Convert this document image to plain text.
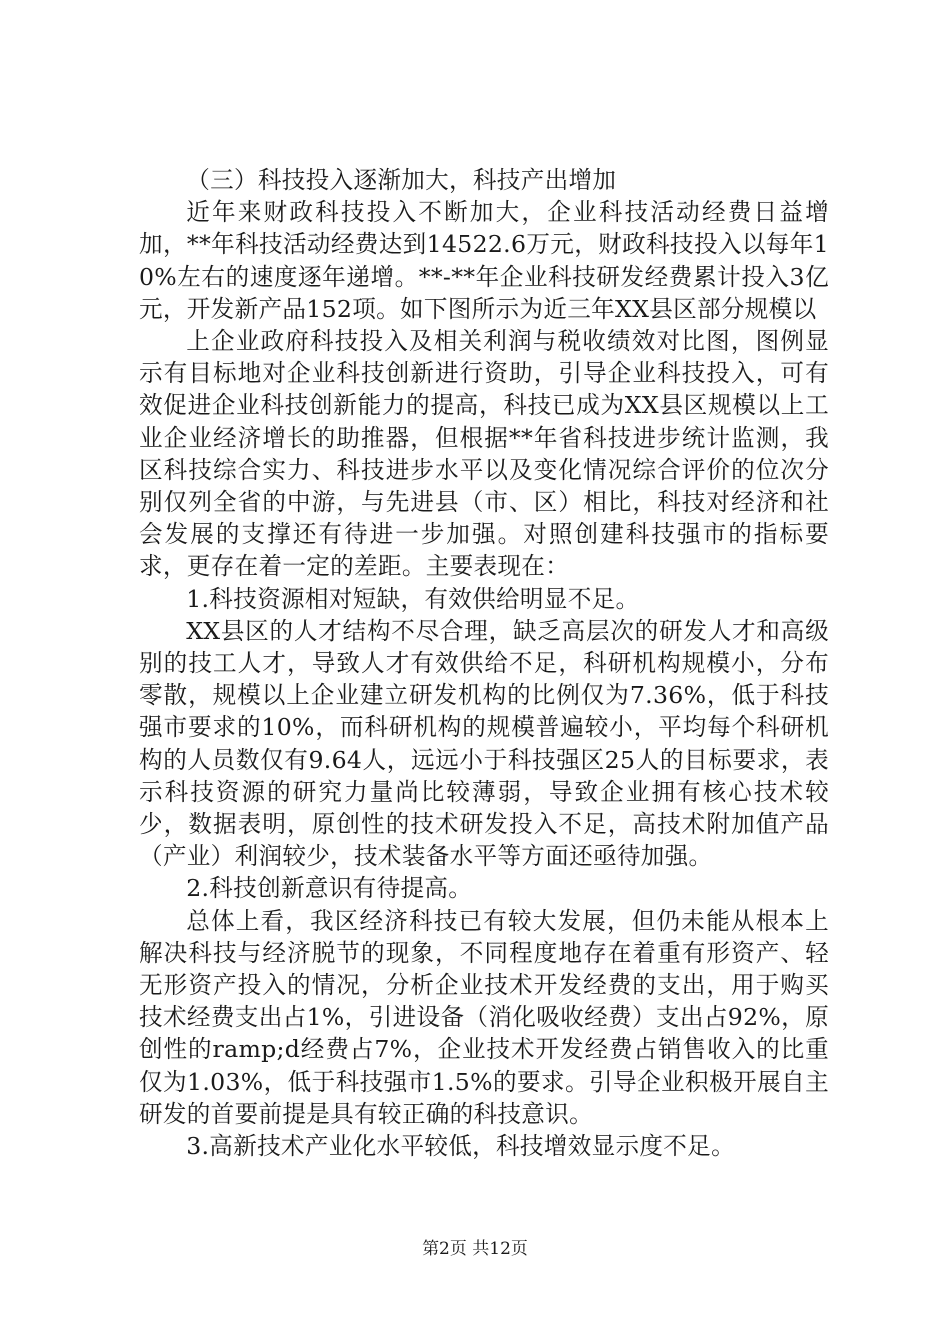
（三）科技投入逐渐加大，科技产出增加

近年来财政科技投入不断加大，企业科技活动经费日益增加，**年科技活动经费达到14522.6万元，财政科技投入以每年10%左右的速度逐年递增。**-**年企业科技研发经费累计投入3亿元，开发新产品152项。如下图所示为近三年XX县区部分规模以

上企业政府科技投入及相关利润与税收绩效对比图，图例显示有目标地对企业科技创新进行资助，引导企业科技投入，可有效促进企业科技创新能力的提高，科技已成为XX县区规模以上工业企业经济增长的助推器，但根据**年省科技进步统计监测，我区科技综合实力、科技进步水平以及变化情况综合评价的位次分别仅列全省的中游，与先进县（市、区）相比，科技对经济和社会发展的支撑还有待进一步加强。对照创建科技强市的指标要求，更存在着一定的差距。主要表现在：

1.科技资源相对短缺，有效供给明显不足。

XX县区的人才结构不尽合理，缺乏高层次的研发人才和高级别的技工人才，导致人才有效供给不足，科研机构规模小，分布零散，规模以上企业建立研发机构的比例仅为7.36%，低于科技强市要求的10%，而科研机构的规模普遍较小，平均每个科研机构的人员数仅有9.64人，远远小于科技强区25人的目标要求，表示科技资源的研究力量尚比较薄弱，导致企业拥有核心技术较少，数据表明，原创性的技术研发投入不足，高技术附加值产品（产业）利润较少，技术装备水平等方面还亟待加强。

2.科技创新意识有待提高。

总体上看，我区经济科技已有较大发展，但仍未能从根本上解决科技与经济脱节的现象，不同程度地存在着重有形资产、轻无形资产投入的情况，分析企业技术开发经费的支出，用于购买技术经费支出占1%，引进设备（消化吸收经费）支出占92%，原创性的ramp;d经费占7%，企业技术开发经费占销售收入的比重仅为1.03%，低于科技强市1.5%的要求。引导企业积极开展自主研发的首要前提是具有较正确的科技意识。

3.高新技术产业化水平较低，科技增效显示度不足。

第2页 共12页
